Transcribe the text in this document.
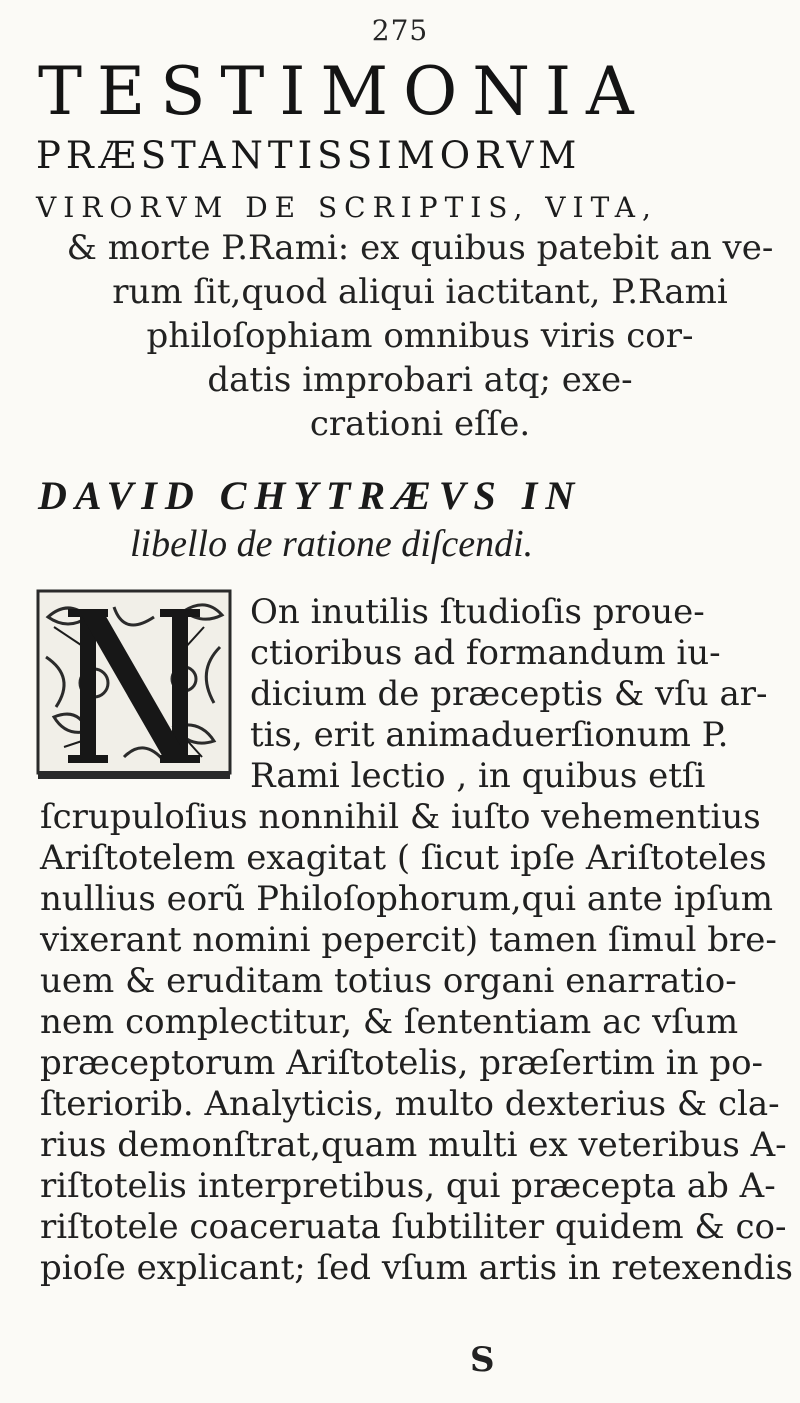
275
TESTIMONIA
PRÆSTANTISSIMORVM
VIRORVM DE SCRIPTIS, VITA,
& morte P.Rami: ex quibus patebit an ve-
rum ſit,quod aliqui iactitant, P.Rami
philoſophiam omnibus viris cor-
datis improbari atq; exe-
crationi eſſe.
DAVID CHYTRÆVS IN
libello de ratione diſcendi.
On inutilis ſtudioſis proue-
ctioribus ad formandum iu-
dicium de præceptis & vſu ar-
tis, erit animaduerſionum P.
Rami lectio , in quibus etſi
ſcrupuloſius nonnihil & iuſto vehementius
Ariſtotelem exagitat ( ſicut ipſe Ariſtoteles
nullius eorũ Philoſophorum,qui ante ipſum
vixerant nomini pepercit) tamen ſimul bre-
uem & eruditam totius organi enarratio-
nem complectitur, & ſententiam ac vſum
præceptorum Ariſtotelis, præſertim in po-
ſteriorib. Analyticis, multo dexterius & cla-
rius demonſtrat,quam multi ex veteribus A-
riſtotelis interpretibus, qui præcepta ab A-
riſtotele coaceruata ſubtiliter quidem & co-
pioſe explicant; ſed vſum artis in retexendis
S
